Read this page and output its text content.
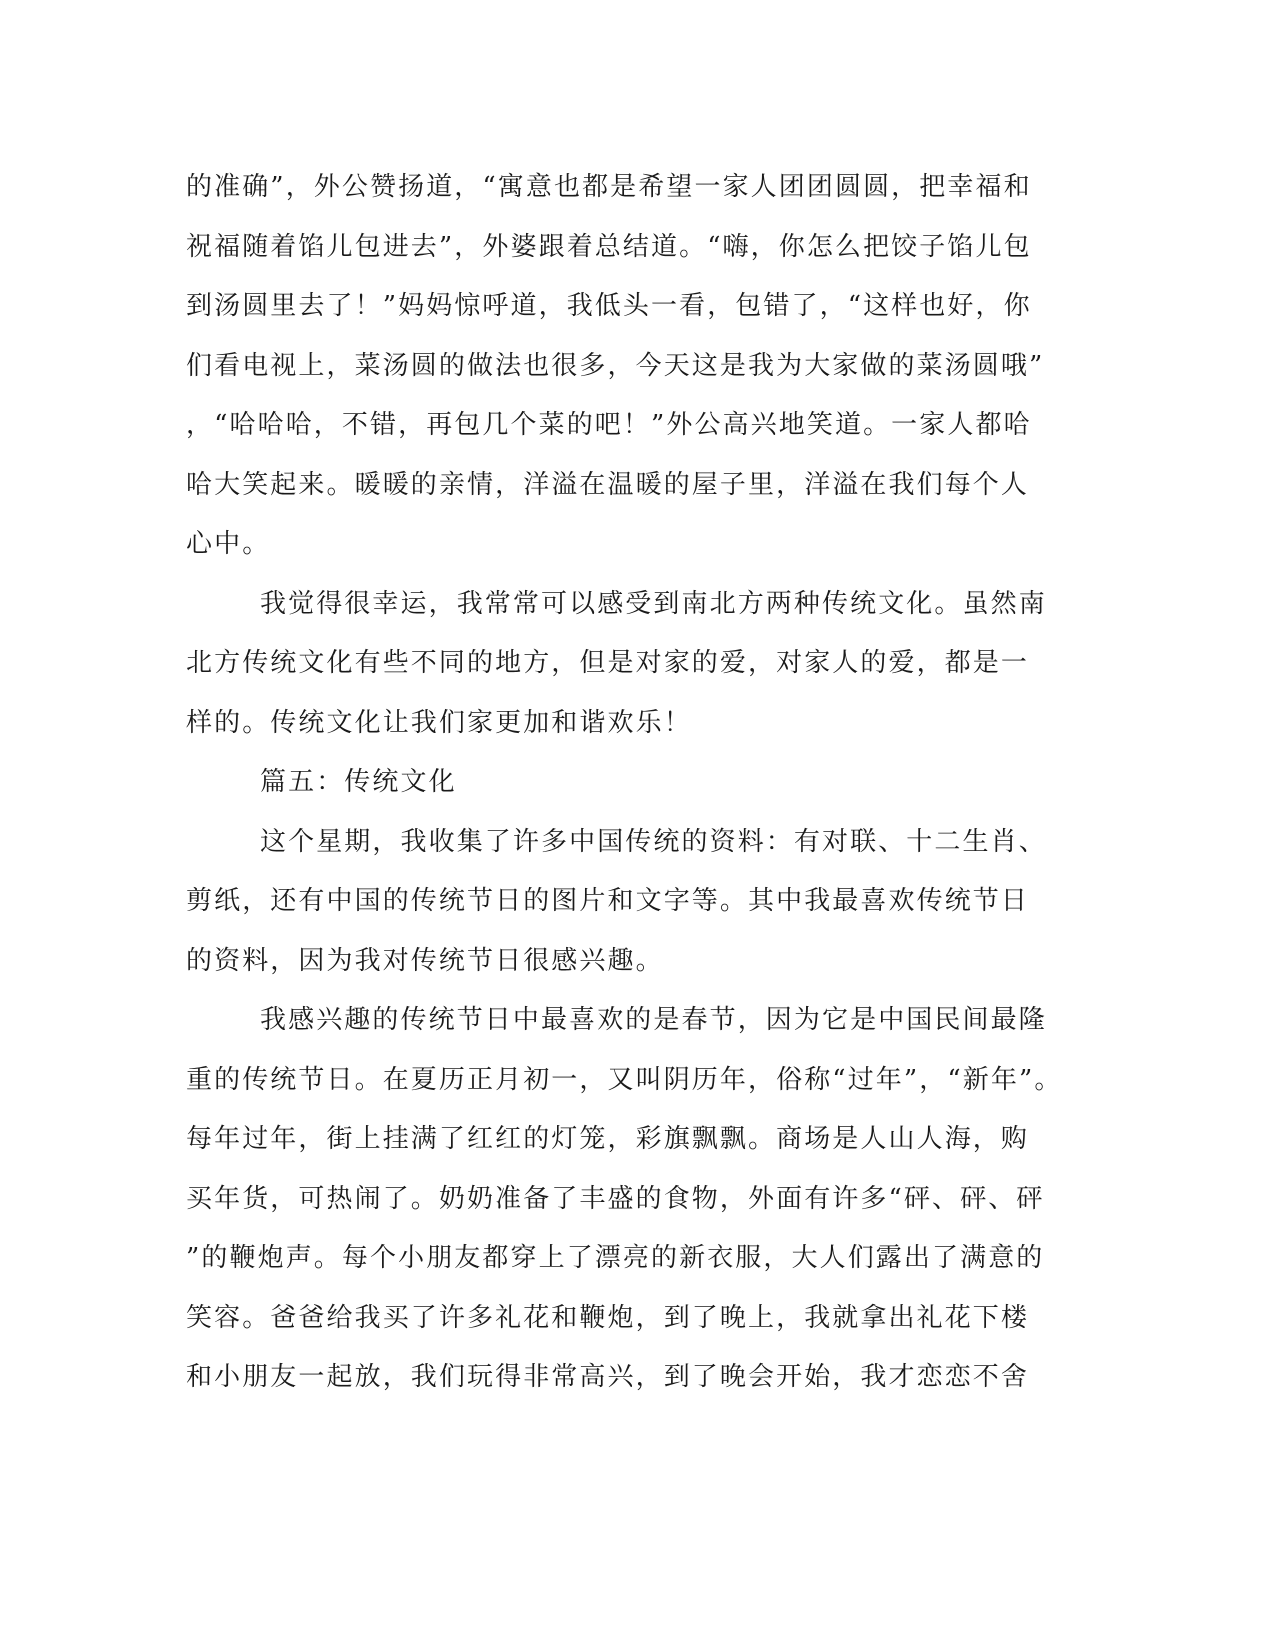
的准确”，外公赞扬道，“寓意也都是希望一家人团团圆圆，把幸福和
祝福随着馅儿包进去”，外婆跟着总结道。“嗨，你怎么把饺子馅儿包
到汤圆里去了！”妈妈惊呼道，我低头一看，包错了，“这样也好，你
们看电视上，菜汤圆的做法也很多，今天这是我为大家做的菜汤圆哦”
，“哈哈哈，不错，再包几个菜的吧！”外公高兴地笑道。一家人都哈
哈大笑起来。暖暖的亲情，洋溢在温暖的屋子里，洋溢在我们每个人
心中。
我觉得很幸运，我常常可以感受到南北方两种传统文化。虽然南
北方传统文化有些不同的地方，但是对家的爱，对家人的爱，都是一
样的。传统文化让我们家更加和谐欢乐！
篇五：传统文化
这个星期，我收集了许多中国传统的资料：有对联、十二生肖、
剪纸，还有中国的传统节日的图片和文字等。其中我最喜欢传统节日
的资料，因为我对传统节日很感兴趣。
我感兴趣的传统节日中最喜欢的是春节，因为它是中国民间最隆
重的传统节日。在夏历正月初一，又叫阴历年，俗称“过年”，“新年”。
每年过年，街上挂满了红红的灯笼，彩旗飘飘。商场是人山人海，购
买年货，可热闹了。奶奶准备了丰盛的食物，外面有许多“砰、砰、砰
”的鞭炮声。每个小朋友都穿上了漂亮的新衣服，大人们露出了满意的
笑容。爸爸给我买了许多礼花和鞭炮，到了晚上，我就拿出礼花下楼
和小朋友一起放，我们玩得非常高兴，到了晚会开始，我才恋恋不舍
